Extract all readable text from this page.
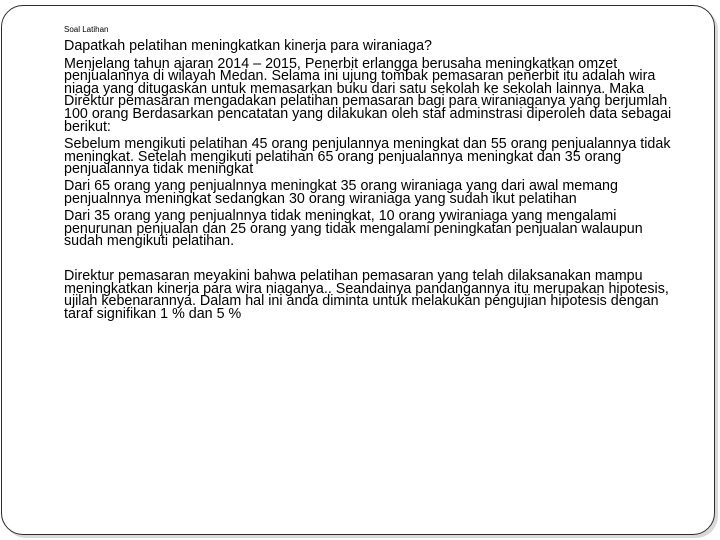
Soal Latihan

Dapatkah pelatihan meningkatkan kinerja para wiraniaga?

Menjelang tahun ajaran 2014 – 2015, Penerbit erlangga berusaha meningkatkan omzet penjualannya di wilayah Medan. Selama ini ujung tombak pemasaran penerbit itu adalah wira niaga yang ditugaskan untuk memasarkan buku dari satu sekolah ke sekolah lainnya. Maka Direktur pemasaran mengadakan pelatihan pemasaran bagi para wiraniaganya yang berjumlah 100 orang Berdasarkan pencatatan yang dilakukan oleh staf adminstrasi diperoleh data sebagai berikut:

Sebelum mengikuti pelatihan 45 orang penjulannya meningkat dan 55 orang penjualannya tidak meningkat. Setelah mengikuti pelatihan 65 orang penjualannya meningkat dan 35 orang penjualannya tidak meningkat

Dari 65 orang yang penjualnnya meningkat 35 orang wiraniaga yang dari awal memang penjualnnya meningkat sedangkan 30 orang wiraniaga yang sudah ikut pelatihan

Dari 35 orang yang penjualnnya tidak meningkat, 10 orang ywiraniaga yang mengalami penurunan penjualan dan 25 orang yang tidak mengalami peningkatan penjualan walaupun sudah mengikuti pelatihan.

Direktur pemasaran meyakini bahwa pelatihan pemasaran yang telah dilaksanakan mampu meningkatkan kinerja para wira niaganya.. Seandainya pandangannya itu merupakan hipotesis, ujilah kebenarannya. Dalam hal ini anda diminta untuk melakukan pengujian hipotesis dengan taraf signifikan 1 % dan 5 %
